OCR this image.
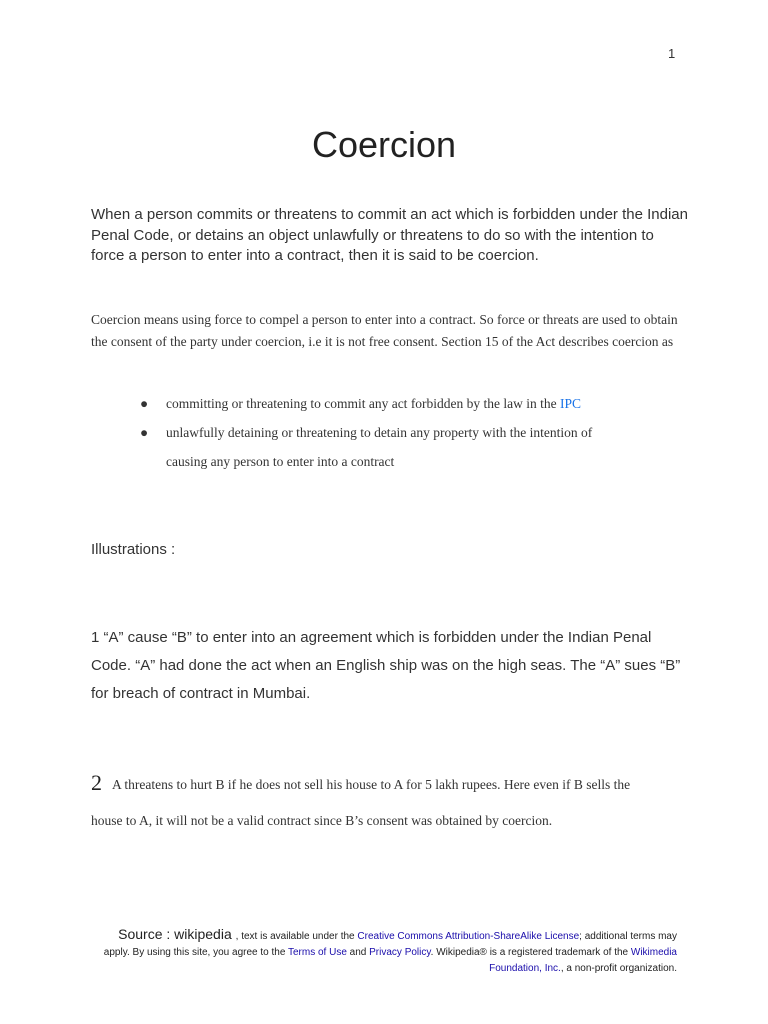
1
Coercion

When a person commits or threatens to commit an act which is forbidden under the Indian Penal Code, or detains an object unlawfully or threatens to do so with the intention to force a person to enter into a contract, then it is said to be coercion.

Coercion means using force to compel a person to enter into a contract. So force or threats are used to obtain the consent of the party under coercion, i.e it is not free consent. Section 15 of the Act describes coercion as

● committing or threatening to commit any act forbidden by the law in the IPC
● unlawfully detaining or threatening to detain any property with the intention of
causing any person to enter into a contract
Illustrations :

1 “A” cause “B” to enter into an agreement which is forbidden under the Indian Penal Code. “A” had done the act when an English ship was on the high seas. The “A” sues “B” for breach of contract in Mumbai.

2 A threatens to hurt B if he does not sell his house to A for 5 lakh rupees. Here even if B sells the
house to A, it will not be a valid contract since B’s consent was obtained by coercion.
Source : wikipedia , text is available under the Creative Commons Attribution-ShareAlike License; additional terms may apply. By using this site, you agree to the Terms of Use and Privacy Policy. Wikipedia® is a registered trademark of the Wikimedia Foundation, Inc., a non-profit organization.
